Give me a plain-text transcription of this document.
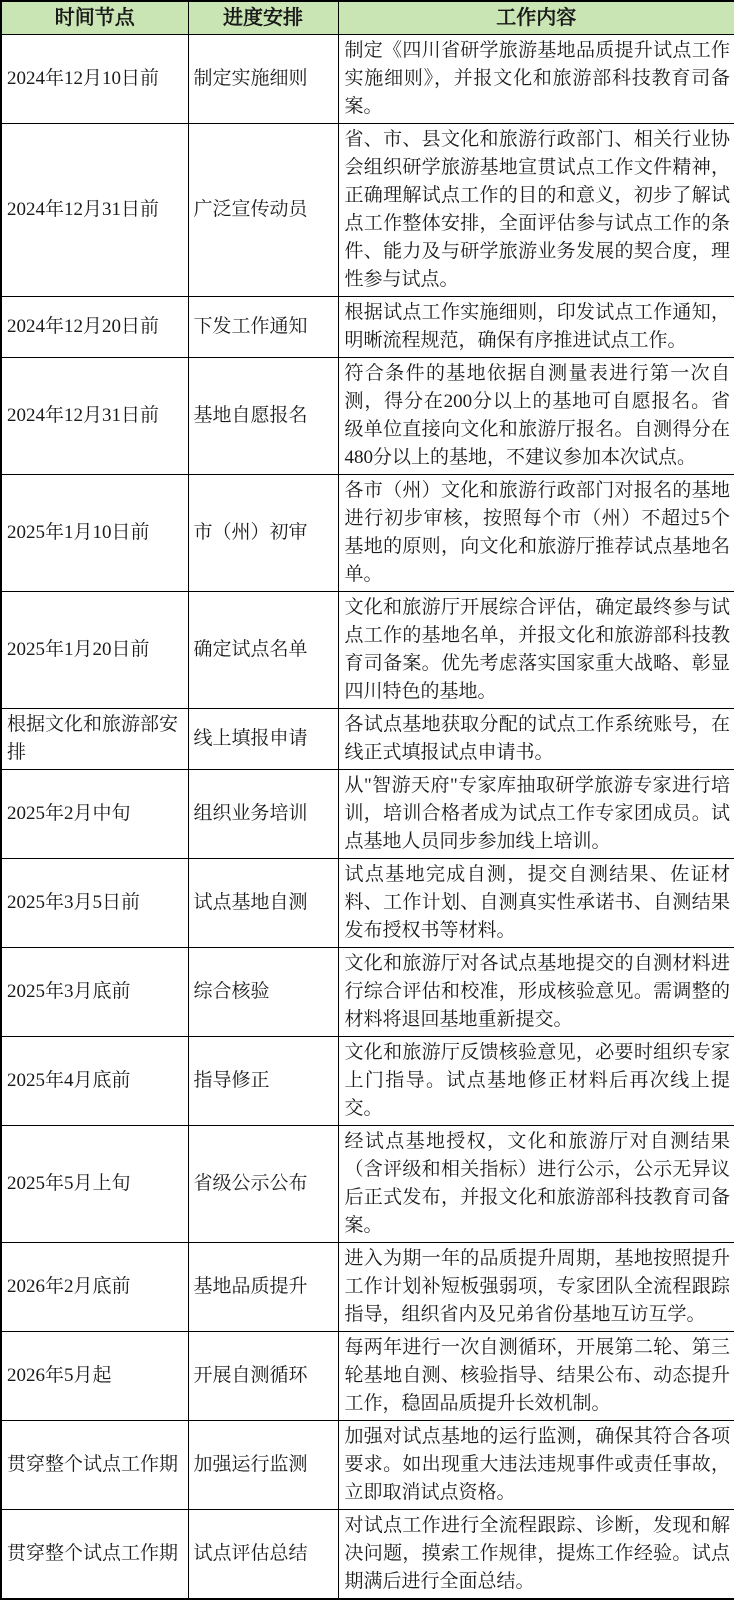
时间节点	进度安排	工作内容
2024年12月10日前	制定实施细则	制定《四川省研学旅游基地品质提升试点工作实施细则》，并报文化和旅游部科技教育司备案。
2024年12月31日前	广泛宣传动员	省、市、县文化和旅游行政部门、相关行业协会组织研学旅游基地宣贯试点工作文件精神，正确理解试点工作的目的和意义，初步了解试点工作整体安排，全面评估参与试点工作的条件、能力及与研学旅游业务发展的契合度，理性参与试点。
2024年12月20日前	下发工作通知	根据试点工作实施细则，印发试点工作通知，明晰流程规范，确保有序推进试点工作。
2024年12月31日前	基地自愿报名	符合条件的基地依据自测量表进行第一次自测，得分在200分以上的基地可自愿报名。省级单位直接向文化和旅游厅报名。自测得分在480分以上的基地，不建议参加本次试点。
2025年1月10日前	市（州）初审	各市（州）文化和旅游行政部门对报名的基地进行初步审核，按照每个市（州）不超过5个基地的原则，向文化和旅游厅推荐试点基地名单。
2025年1月20日前	确定试点名单	文化和旅游厅开展综合评估，确定最终参与试点工作的基地名单，并报文化和旅游部科技教育司备案。优先考虑落实国家重大战略、彰显四川特色的基地。
根据文化和旅游部安排	线上填报申请	各试点基地获取分配的试点工作系统账号，在线正式填报试点申请书。
2025年2月中旬	组织业务培训	从"智游天府"专家库抽取研学旅游专家进行培训，培训合格者成为试点工作专家团成员。试点基地人员同步参加线上培训。
2025年3月5日前	试点基地自测	试点基地完成自测，提交自测结果、佐证材料、工作计划、自测真实性承诺书、自测结果发布授权书等材料。
2025年3月底前	综合核验	文化和旅游厅对各试点基地提交的自测材料进行综合评估和校准，形成核验意见。需调整的材料将退回基地重新提交。
2025年4月底前	指导修正	文化和旅游厅反馈核验意见，必要时组织专家上门指导。试点基地修正材料后再次线上提交。
2025年5月上旬	省级公示公布	经试点基地授权，文化和旅游厅对自测结果（含评级和相关指标）进行公示，公示无异议后正式发布，并报文化和旅游部科技教育司备案。
2026年2月底前	基地品质提升	进入为期一年的品质提升周期，基地按照提升工作计划补短板强弱项，专家团队全流程跟踪指导，组织省内及兄弟省份基地互访互学。
2026年5月起	开展自测循环	每两年进行一次自测循环，开展第二轮、第三轮基地自测、核验指导、结果公布、动态提升工作，稳固品质提升长效机制。
贯穿整个试点工作期	加强运行监测	加强对试点基地的运行监测，确保其符合各项要求。如出现重大违法违规事件或责任事故，立即取消试点资格。
贯穿整个试点工作期	试点评估总结	对试点工作进行全流程跟踪、诊断，发现和解决问题，摸索工作规律，提炼工作经验。试点期满后进行全面总结。
